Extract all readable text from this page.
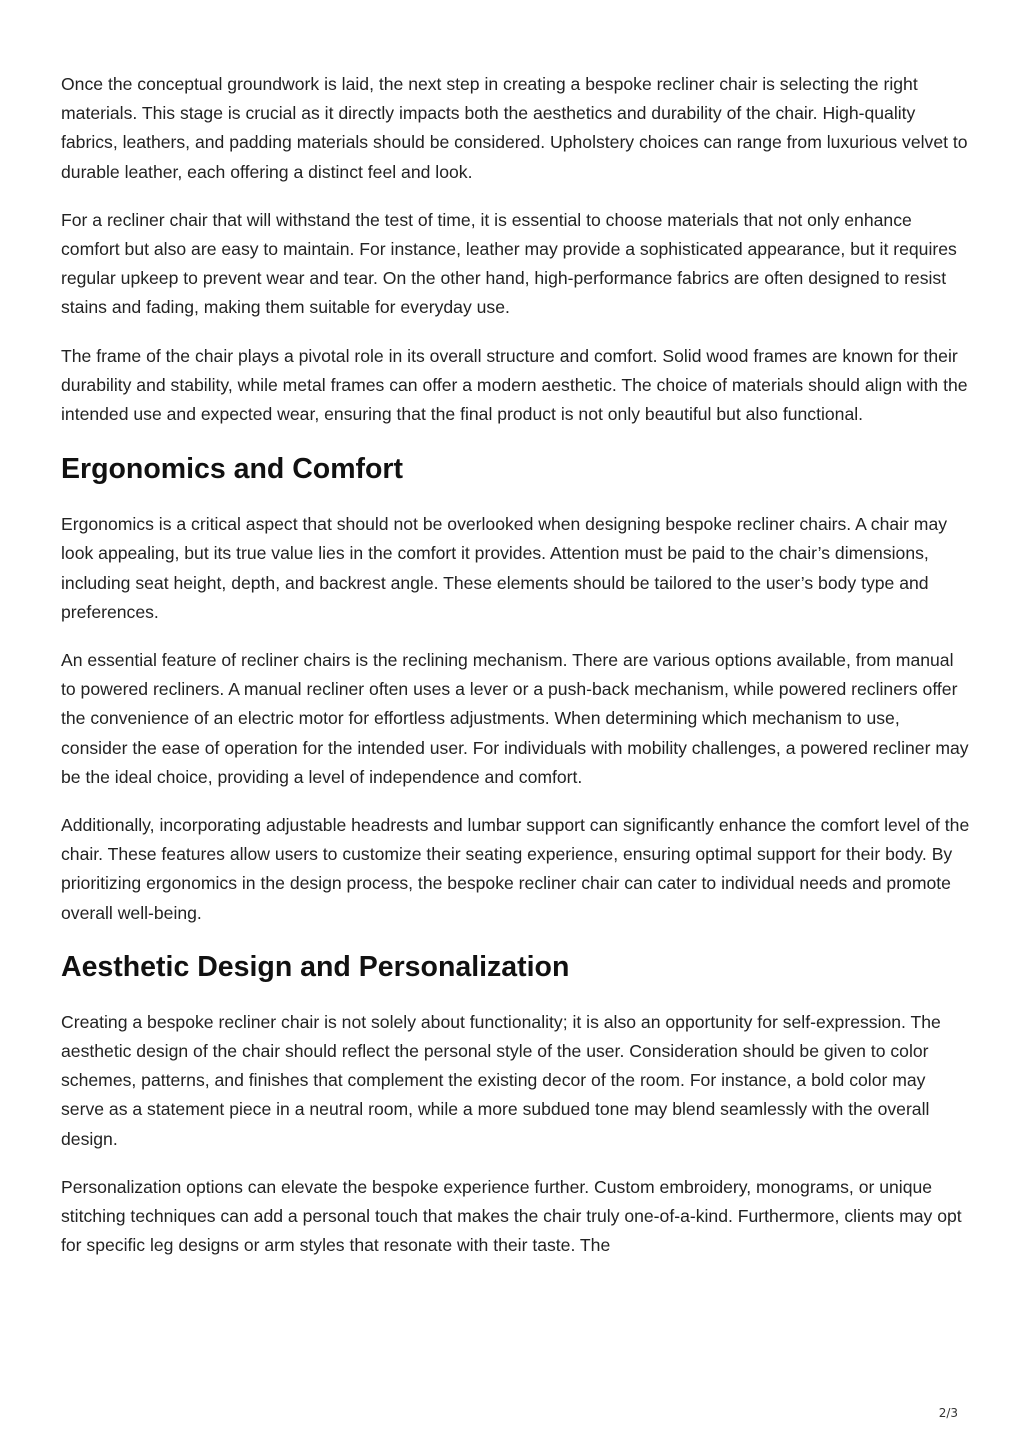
Once the conceptual groundwork is laid, the next step in creating a bespoke recliner chair is selecting the right materials. This stage is crucial as it directly impacts both the aesthetics and durability of the chair. High-quality fabrics, leathers, and padding materials should be considered. Upholstery choices can range from luxurious velvet to durable leather, each offering a distinct feel and look.

For a recliner chair that will withstand the test of time, it is essential to choose materials that not only enhance comfort but also are easy to maintain. For instance, leather may provide a sophisticated appearance, but it requires regular upkeep to prevent wear and tear. On the other hand, high-performance fabrics are often designed to resist stains and fading, making them suitable for everyday use.

The frame of the chair plays a pivotal role in its overall structure and comfort. Solid wood frames are known for their durability and stability, while metal frames can offer a modern aesthetic. The choice of materials should align with the intended use and expected wear, ensuring that the final product is not only beautiful but also functional.

Ergonomics and Comfort

Ergonomics is a critical aspect that should not be overlooked when designing bespoke recliner chairs. A chair may look appealing, but its true value lies in the comfort it provides. Attention must be paid to the chair’s dimensions, including seat height, depth, and backrest angle. These elements should be tailored to the user’s body type and preferences.

An essential feature of recliner chairs is the reclining mechanism. There are various options available, from manual to powered recliners. A manual recliner often uses a lever or a push-back mechanism, while powered recliners offer the convenience of an electric motor for effortless adjustments. When determining which mechanism to use, consider the ease of operation for the intended user. For individuals with mobility challenges, a powered recliner may be the ideal choice, providing a level of independence and comfort.

Additionally, incorporating adjustable headrests and lumbar support can significantly enhance the comfort level of the chair. These features allow users to customize their seating experience, ensuring optimal support for their body. By prioritizing ergonomics in the design process, the bespoke recliner chair can cater to individual needs and promote overall well-being.

Aesthetic Design and Personalization

Creating a bespoke recliner chair is not solely about functionality; it is also an opportunity for self-expression. The aesthetic design of the chair should reflect the personal style of the user. Consideration should be given to color schemes, patterns, and finishes that complement the existing decor of the room. For instance, a bold color may serve as a statement piece in a neutral room, while a more subdued tone may blend seamlessly with the overall design.

Personalization options can elevate the bespoke experience further. Custom embroidery, monograms, or unique stitching techniques can add a personal touch that makes the chair truly one-of-a-kind. Furthermore, clients may opt for specific leg designs or arm styles that resonate with their taste. The

2/3
